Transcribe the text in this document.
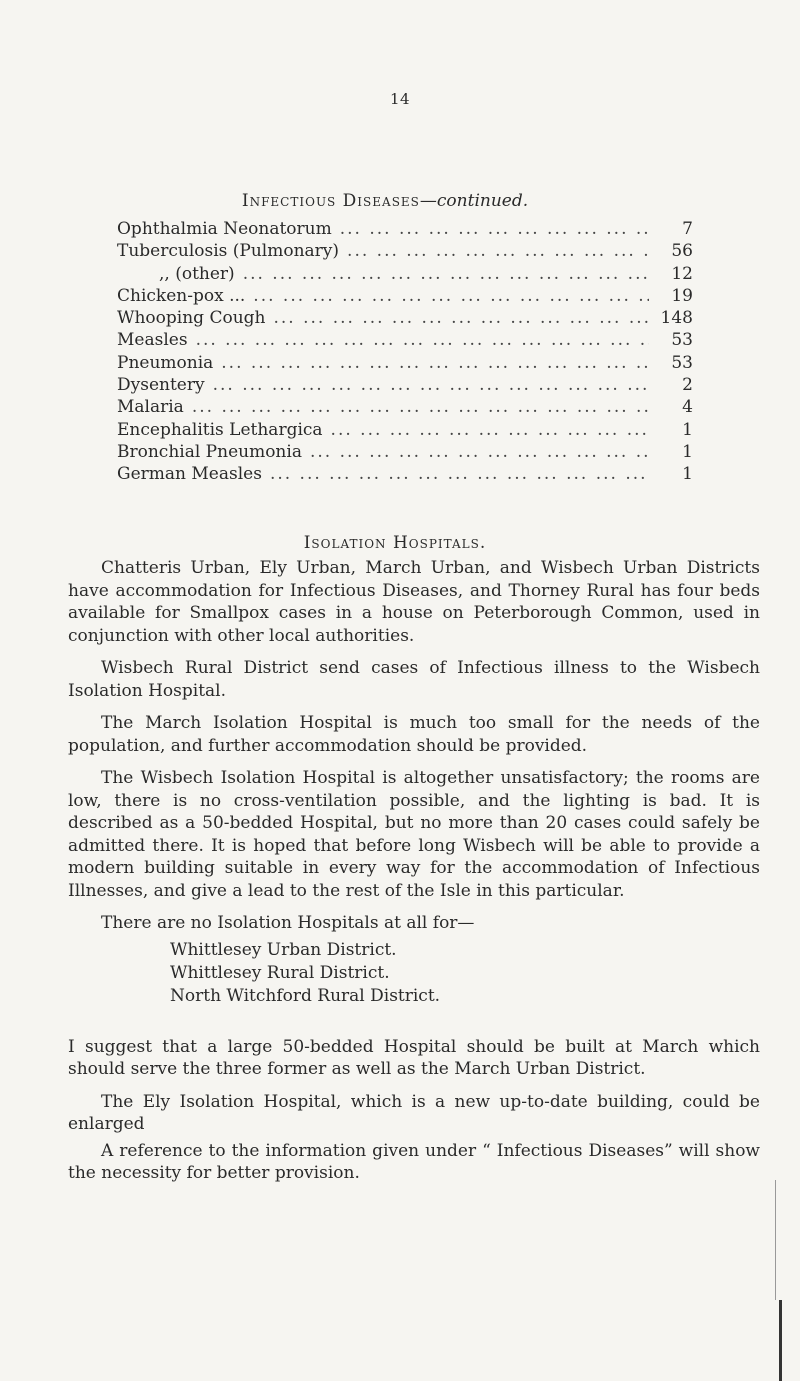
14
Infectious Diseases—continued.
Ophthalmia Neonatorum ... .	7
Tuberculosis (Pulmonary) ... .	56
,, (other) ... .	12
Chicken-pox ... ... .	19
Whooping Cough ... .	148
Measles ... .	53
Pneumonia ... .	53
Dysentery ... .	2
Malaria ... .	4
Encephalitis Lethargica ... .	1
Bronchial Pneumonia ... .	1
German Measles ... .	1
Isolation Hospitals.

Chatteris Urban, Ely Urban, March Urban, and Wisbech Urban Districts have accommodation for Infectious Diseases, and Thorney Rural has four beds available for Smallpox cases in a house on Peterborough Common, used in conjunction with other local authorities.

Wisbech Rural District send cases of Infectious illness to the Wisbech Isolation Hospital.

The March Isolation Hospital is much too small for the needs of the population, and further accommodation should be provided.

The Wisbech Isolation Hospital is altogether unsatisfactory; the rooms are low, there is no cross-ventilation possible, and the lighting is bad. It is described as a 50-bedded Hospital, but no more than 20 cases could safely be admitted there. It is hoped that before long Wisbech will be able to provide a modern building suitable in every way for the accommodation of Infectious Illnesses, and give a lead to the rest of the Isle in this particular.

There are no Isolation Hospitals at all for—

Whittlesey Urban District.
Whittlesey Rural District.
North Witchford Rural District.

I suggest that a large 50-bedded Hospital should be built at March which should serve the three former as well as the March Urban District.

The Ely Isolation Hospital, which is a new up-to-date building, could be enlarged

A reference to the information given under “ Infectious Diseases” will show the necessity for better provision.
